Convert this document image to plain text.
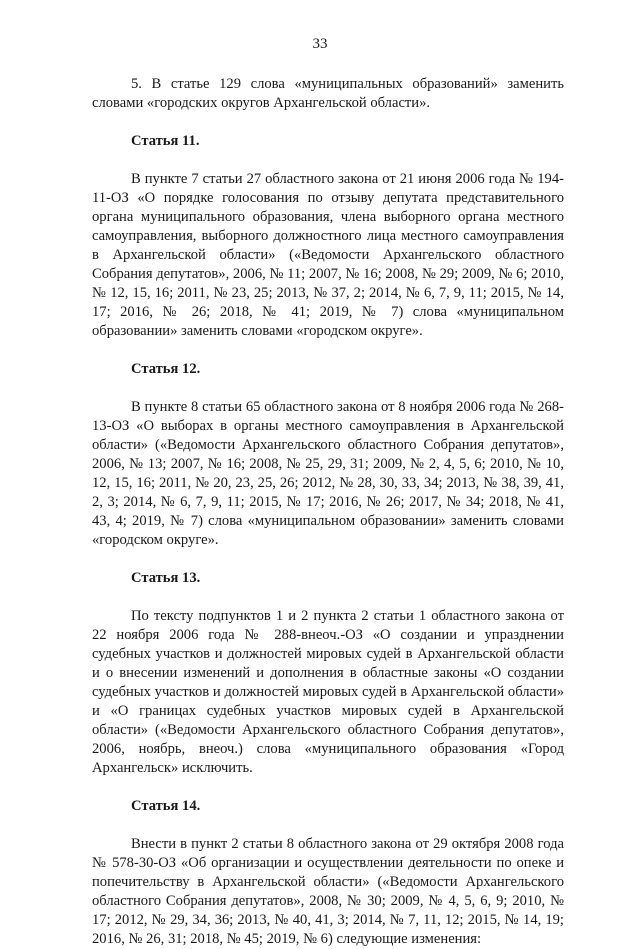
33

5. В статье 129 слова «муниципальных образований» заменить словами «городских округов Архангельской области».

Статья 11.

В пункте 7 статьи 27 областного закона от 21 июня 2006 года № 194-11-ОЗ «О порядке голосования по отзыву депутата представительного органа муниципального образования, члена выборного органа местного самоуправления, выборного должностного лица местного самоуправления в Архангельской области» («Ведомости Архангельского областного Собрания депутатов», 2006, № 11; 2007, № 16; 2008, № 29; 2009, № 6; 2010, № 12, 15, 16; 2011, № 23, 25; 2013, № 37, 2; 2014, № 6, 7, 9, 11; 2015, № 14, 17; 2016, № 26; 2018, № 41; 2019, № 7) слова «муниципальном образовании» заменить словами «городском округе».

Статья 12.

В пункте 8 статьи 65 областного закона от 8 ноября 2006 года № 268-13-ОЗ «О выборах в органы местного самоуправления в Архангельской области» («Ведомости Архангельского областного Собрания депутатов», 2006, № 13; 2007, № 16; 2008, № 25, 29, 31; 2009, № 2, 4, 5, 6; 2010, № 10, 12, 15, 16; 2011, № 20, 23, 25, 26; 2012, № 28, 30, 33, 34; 2013, № 38, 39, 41, 2, 3; 2014, № 6, 7, 9, 11; 2015, № 17; 2016, № 26; 2017, № 34; 2018, № 41, 43, 4; 2019, № 7) слова «муниципальном образовании» заменить словами «городском округе».

Статья 13.

По тексту подпунктов 1 и 2 пункта 2 статьи 1 областного закона от 22 ноября 2006 года № 288-внеоч.-ОЗ «О создании и упразднении судебных участков и должностей мировых судей в Архангельской области и о внесении изменений и дополнения в областные законы «О создании судебных участков и должностей мировых судей в Архангельской области» и «О границах судебных участков мировых судей в Архангельской области» («Ведомости Архангельского областного Собрания депутатов», 2006, ноябрь, внеоч.) слова «муниципального образования «Город Архангельск» исключить.

Статья 14.

Внести в пункт 2 статьи 8 областного закона от 29 октября 2008 года № 578-30-ОЗ «Об организации и осуществлении деятельности по опеке и попечительству в Архангельской области» («Ведомости Архангельского областного Собрания депутатов», 2008, № 30; 2009, № 4, 5, 6, 9; 2010, № 17; 2012, № 29, 34, 36; 2013, № 40, 41, 3; 2014, № 7, 11, 12; 2015, № 14, 19; 2016, № 26, 31; 2018, № 45; 2019, № 6) следующие изменения:
